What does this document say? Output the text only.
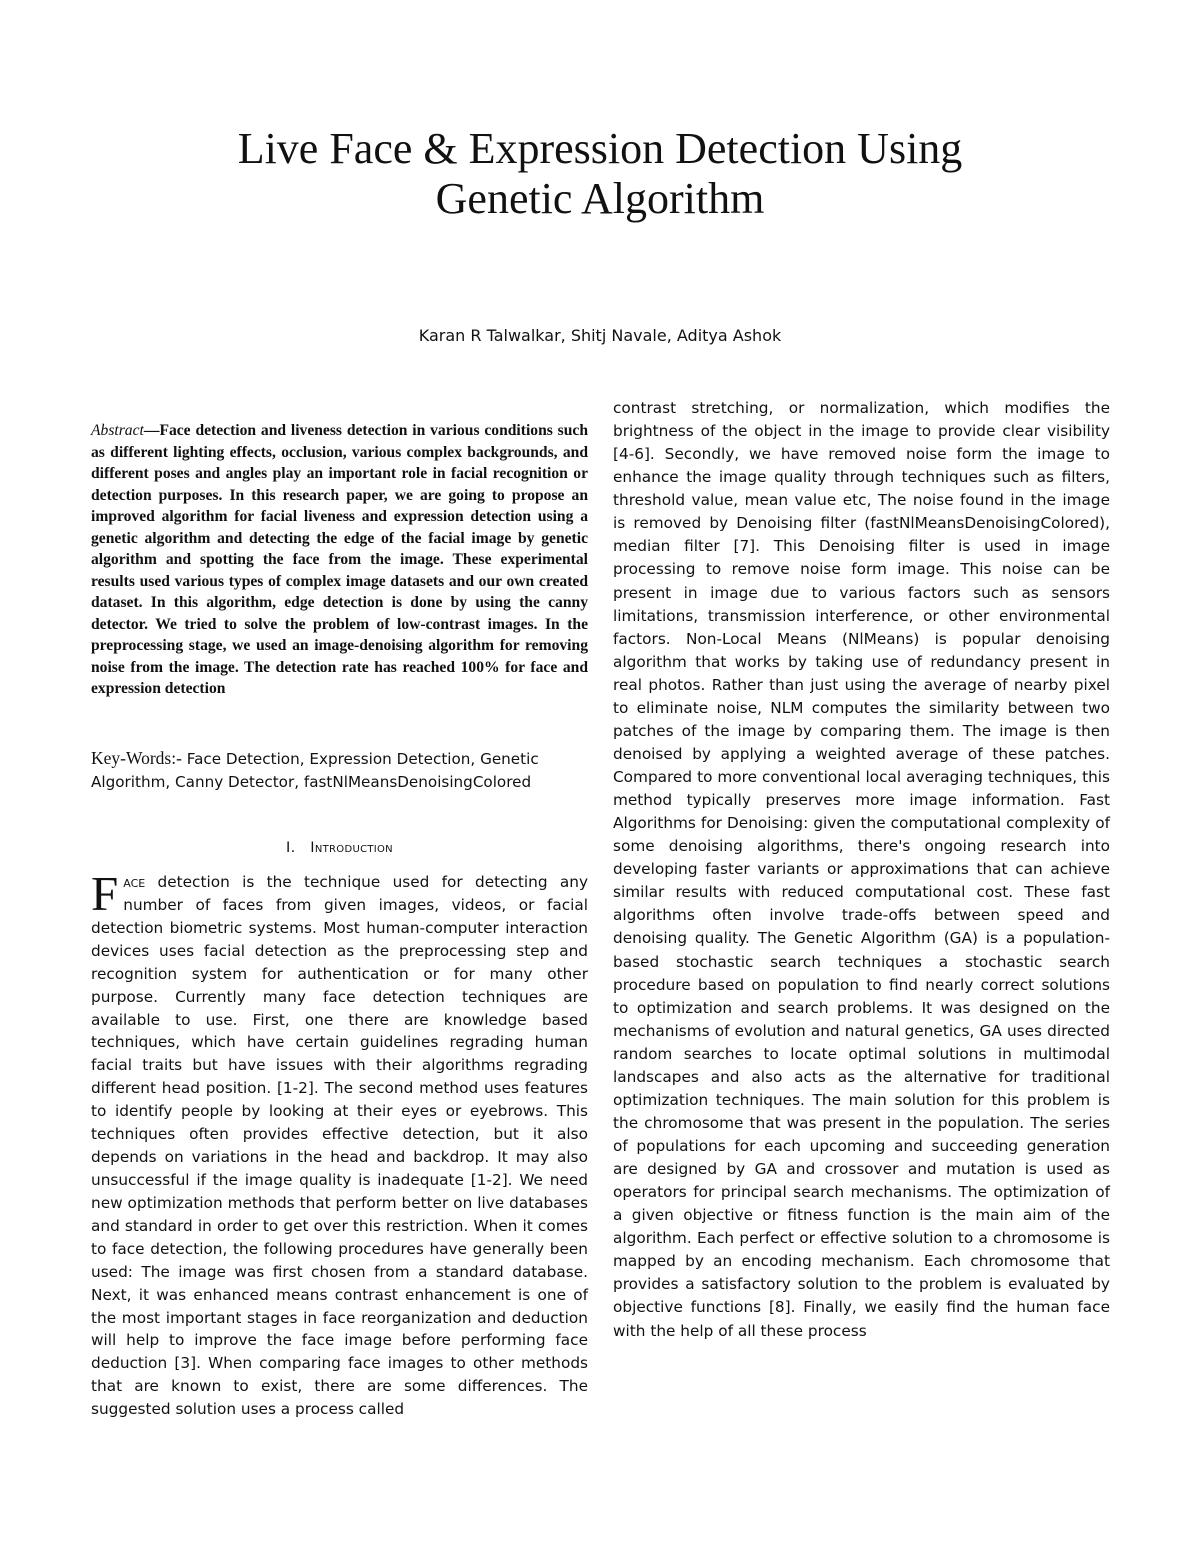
Live Face & Expression Detection Using
Genetic Algorithm

Karan R Talwalkar, Shitj Navale, Aditya Ashok

Abstract—Face detection and liveness detection in various conditions such as different lighting effects, occlusion, various complex backgrounds, and different poses and angles play an important role in facial recognition or detection purposes. In this research paper, we are going to propose an improved algorithm for facial liveness and expression detection using a genetic algorithm and detecting the edge of the facial image by genetic algorithm and spotting the face from the image. These experimental results used various types of complex image datasets and our own created dataset. In this algorithm, edge detection is done by using the canny detector. We tried to solve the problem of low-contrast images. In the preprocessing stage, we used an image-denoising algorithm for removing noise from the image. The detection rate has reached 100% for face and expression detection

Key-Words:- Face Detection, Expression Detection, Genetic Algorithm, Canny Detector, fastNlMeansDenoisingColored

I. Introduction

Face detection is the technique used for detecting any number of faces from given images, videos, or facial detection biometric systems. Most human-computer interaction devices uses facial detection as the preprocessing step and recognition system for authentication or for many other purpose. Currently many face detection techniques are available to use. First, one there are knowledge based techniques, which have certain guidelines regrading human facial traits but have issues with their algorithms regrading different head position. [1-2]. The second method uses features to identify people by looking at their eyes or eyebrows. This techniques often provides effective detection, but it also depends on variations in the head and backdrop. It may also unsuccessful if the image quality is inadequate [1-2]. We need new optimization methods that perform better on live databases and standard in order to get over this restriction. When it comes to face detection, the following procedures have generally been used: The image was first chosen from a standard database. Next, it was enhanced means contrast enhancement is one of the most important stages in face reorganization and deduction will help to improve the face image before performing face deduction [3]. When comparing face images to other methods that are known to exist, there are some differences. The suggested solution uses a process called

contrast stretching, or normalization, which modifies the brightness of the object in the image to provide clear visibility [4-6]. Secondly, we have removed noise form the image to enhance the image quality through techniques such as filters, threshold value, mean value etc, The noise found in the image is removed by Denoising filter (fastNlMeansDenoisingColored), median filter [7]. This Denoising filter is used in image processing to remove noise form image. This noise can be present in image due to various factors such as sensors limitations, transmission interference, or other environmental factors. Non-Local Means (NlMeans) is popular denoising algorithm that works by taking use of redundancy present in real photos. Rather than just using the average of nearby pixel to eliminate noise, NLM computes the similarity between two patches of the image by comparing them. The image is then denoised by applying a weighted average of these patches. Compared to more conventional local averaging techniques, this method typically preserves more image information. Fast Algorithms for Denoising: given the computational complexity of some denoising algorithms, there's ongoing research into developing faster variants or approximations that can achieve similar results with reduced computational cost. These fast algorithms often involve trade-offs between speed and denoising quality. The Genetic Algorithm (GA) is a population-based stochastic search techniques a stochastic search procedure based on population to find nearly correct solutions to optimization and search problems. It was designed on the mechanisms of evolution and natural genetics, GA uses directed random searches to locate optimal solutions in multimodal landscapes and also acts as the alternative for traditional optimization techniques. The main solution for this problem is the chromosome that was present in the population. The series of populations for each upcoming and succeeding generation are designed by GA and crossover and mutation is used as operators for principal search mechanisms. The optimization of a given objective or fitness function is the main aim of the algorithm. Each perfect or effective solution to a chromosome is mapped by an encoding mechanism. Each chromosome that provides a satisfactory solution to the problem is evaluated by objective functions [8]. Finally, we easily find the human face with the help of all these process
